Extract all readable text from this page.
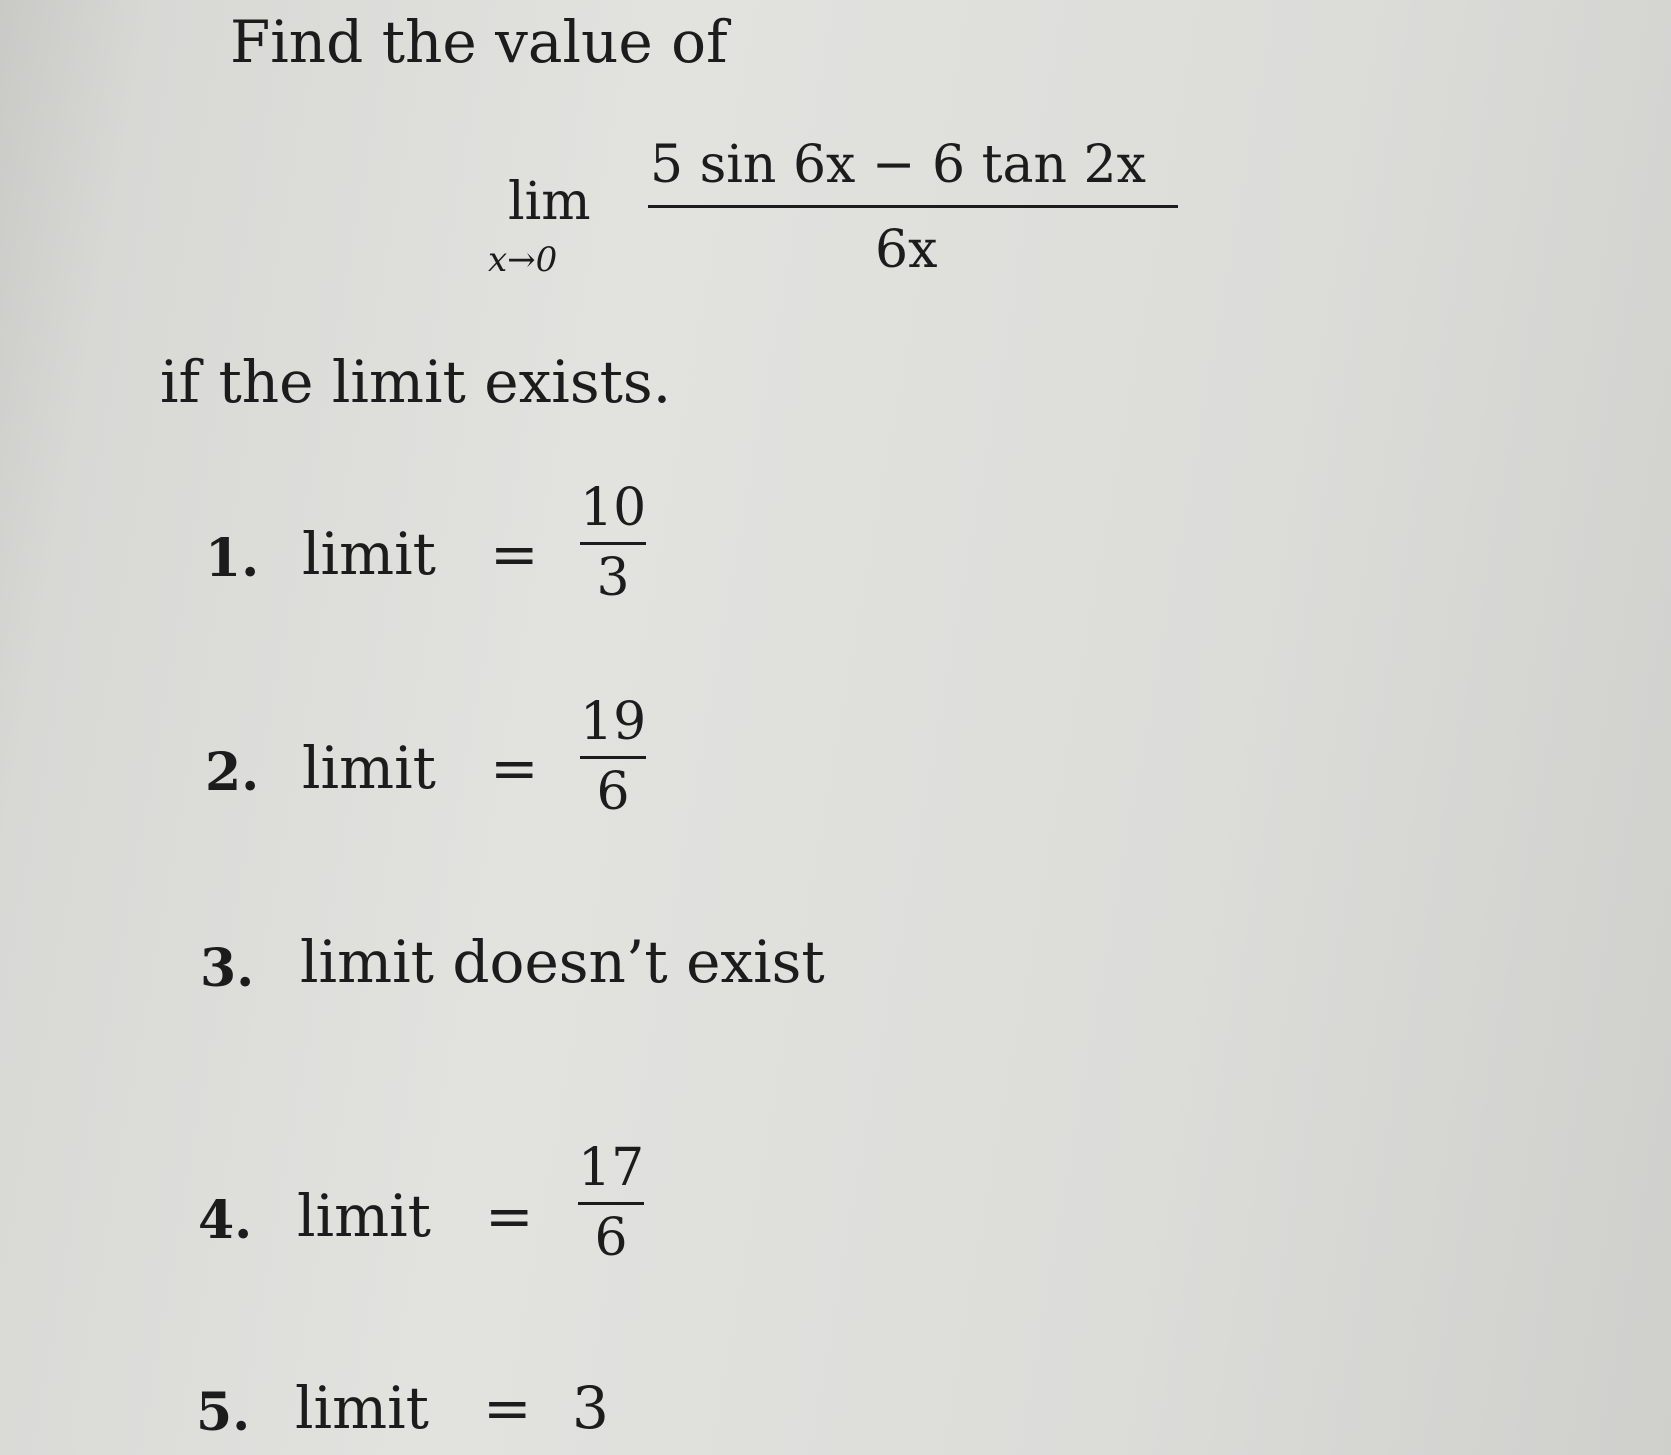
Find the value of
lim
x→0
5 sin 6x − 6 tan 2x
6x
if the limit exists.
1. limit = $\frac{10}{3}$
2. limit = $\frac{19}{6}$
3. limit doesn’t exist
4. limit = $\frac{17}{6}$
5. limit = 3
